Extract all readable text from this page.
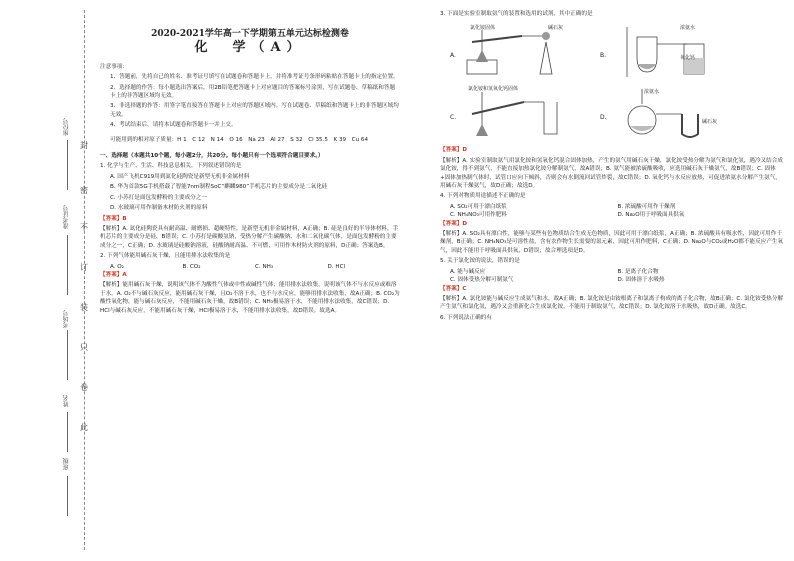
座位号
准考证号
考场号
姓名
班级
封
密
不
订
装
只
卷
此
2020-2021学年高一下学期第五单元达标检测卷
化　学（A）

注意事项：

1、答题前，先将自己的姓名、准考证号填写在试题卷和答题卡上，并将准考证号条形码粘贴在答题卡上的指定位置。

2、选择题的作答：每小题选出答案后，用2B铅笔把答题卡上对应题目的答案标号涂黑，写在试题卷、草稿纸和答题卡上的非答题区域均无效。

3、非选择题的作答：用签字笔直接答在答题卡上对应的答题区域内。写在试题卷、草稿纸和答题卡上的非答题区域均无效。

4、考试结束后，请将本试题卷和答题卡一并上交。

可能用到的相对原子质量：H 1　C 12　N 14　O 16　Na 23　Al 27　S 32　Cl 35.5　K 39　Cu 64

一、选择题（本题共10个题，每小题2分，共20分。每小题只有一个选项符合题目要求。）

1. 化学与生产、生活、科技息息相关，下列叙述错误的是

A. 国产飞机C919用到氮化硅陶瓷是新型无机非金属材料

B. 华为首款5G手机搭载了智能7nm制程SoC“麒麟980”手机芯片的主要成分是二氧化硅

C. 小苏打是面包发酵粉的主要成分之一

D. 水玻璃可用作制备木材防火剂的原料

【答案】B

【解析】A. 氮化硅陶瓷具有耐高温、耐磨损、超硬特性，是新型无机非金属材料，A正确；B. 硅是良好的半导体材料，手机芯片的主要成分是硅，B错误；C. 小苏打是碳酸氢钠，受热分解产生碳酸钠、水和二氧化碳气体，是面包发酵粉的主要成分之一，C正确；D. 水玻璃是硅酸钠溶液，硅酸钠耐高温、不可燃，可用作木材防火剂的原料，D正确；答案选B。

2. 下列气体能用碱石灰干燥，且能用排水法收集的是

A. O₂	B. CO₂	C. NH₃	D. HCl

【答案】A

【解析】能用碱石灰干燥，说明该气体不为酸性气体或中性或碱性气体；能用排水法收集，说明该气体不与水反应或难溶于水。A. O₂不与碱石灰反应，能用碱石灰干燥，且O₂不溶于水，也不与水反应，能够用排水法收集，故A正确；B. CO₂为酸性氧化物，能与碱石灰反应，不能用碱石灰干燥，故B错误；C. NH₃极易溶于水，不能用排水法收集，故C错误；D. HCl与碱石灰反应，不能用碱石灰干燥，HCl极易溶于水，不能用排水法收集，故D错误。故选A。

3. 下面是实验室制取氨气的装置和选用的试剂，其中正确的是

A.	B.
C.	D.
氯化铵固体	碱石灰	浓氨水
氧化钙
氯化铵和氢氧化钙固体	浓氨水
碱石灰

【答案】D

【解析】A. 实验室制取氨气用氯化铵和氢氧化钙混合固体加热，产生的氨气用碱石灰干燥，氯化铵受热分解为氨气和氯化氢，遇冷又结合成氯化铵，得不到氨气，不能直接加热氯化铵分解制氨气，故A错误；B. 氨气能被浓硫酸吸收，应选用碱石灰干燥氨气，故B错误；C. 固体+固体加热制气体时，试管口应向下倾斜，否则会有水倒流回试管炸裂，故C错误；D. 氧化钙与水反应放热，可促进浓氨水分解产生氨气，用碱石灰干燥氨气，故D正确；故选D。

4. 下列对物质用途描述不正确的是

A. SO₂可用于漂白纸浆	B. 浓硫酸可用作干燥剂
C. NH₄NO₃可用作肥料	D. Na₂O用于呼吸面具供氧

【答案】D

【解析】A. SO₂具有漂白性，能够与某些有色物质结合生成无色物质，因此可用于漂白纸浆，A正确；B. 浓硫酸具有吸水性，因此可用作干燥剂，B正确；C. NH₄NO₃是可溶性盐，含有农作物生长需要的氮元素，因此可用作肥料，C正确；D. Na₂O与CO₂或H₂O都不能反应产生氧气，因此不能用于呼吸面具供氧，D错误；故合理选项是D。

5. 关于氯化铵的说法，错误的是

A. 能与碱反应	B. 是离子化合物
C. 固体受热分解可制氨气	D. 固体溶于水吸热

【答案】C

【解析】A. 氯化铵能与碱反应生成氨气和水，故A正确；B. 氯化铵是由铵根离子和氯离子构成的离子化合物，故B正确；C. 氯化铵受热分解产生氨气和氯化氢，遇冷又会重新化合生成氯化铵，不能用于制取氨气，故C错误；D. 氯化铵溶于水吸热，故D正确。故选C。

6. 下列说法正确的有
